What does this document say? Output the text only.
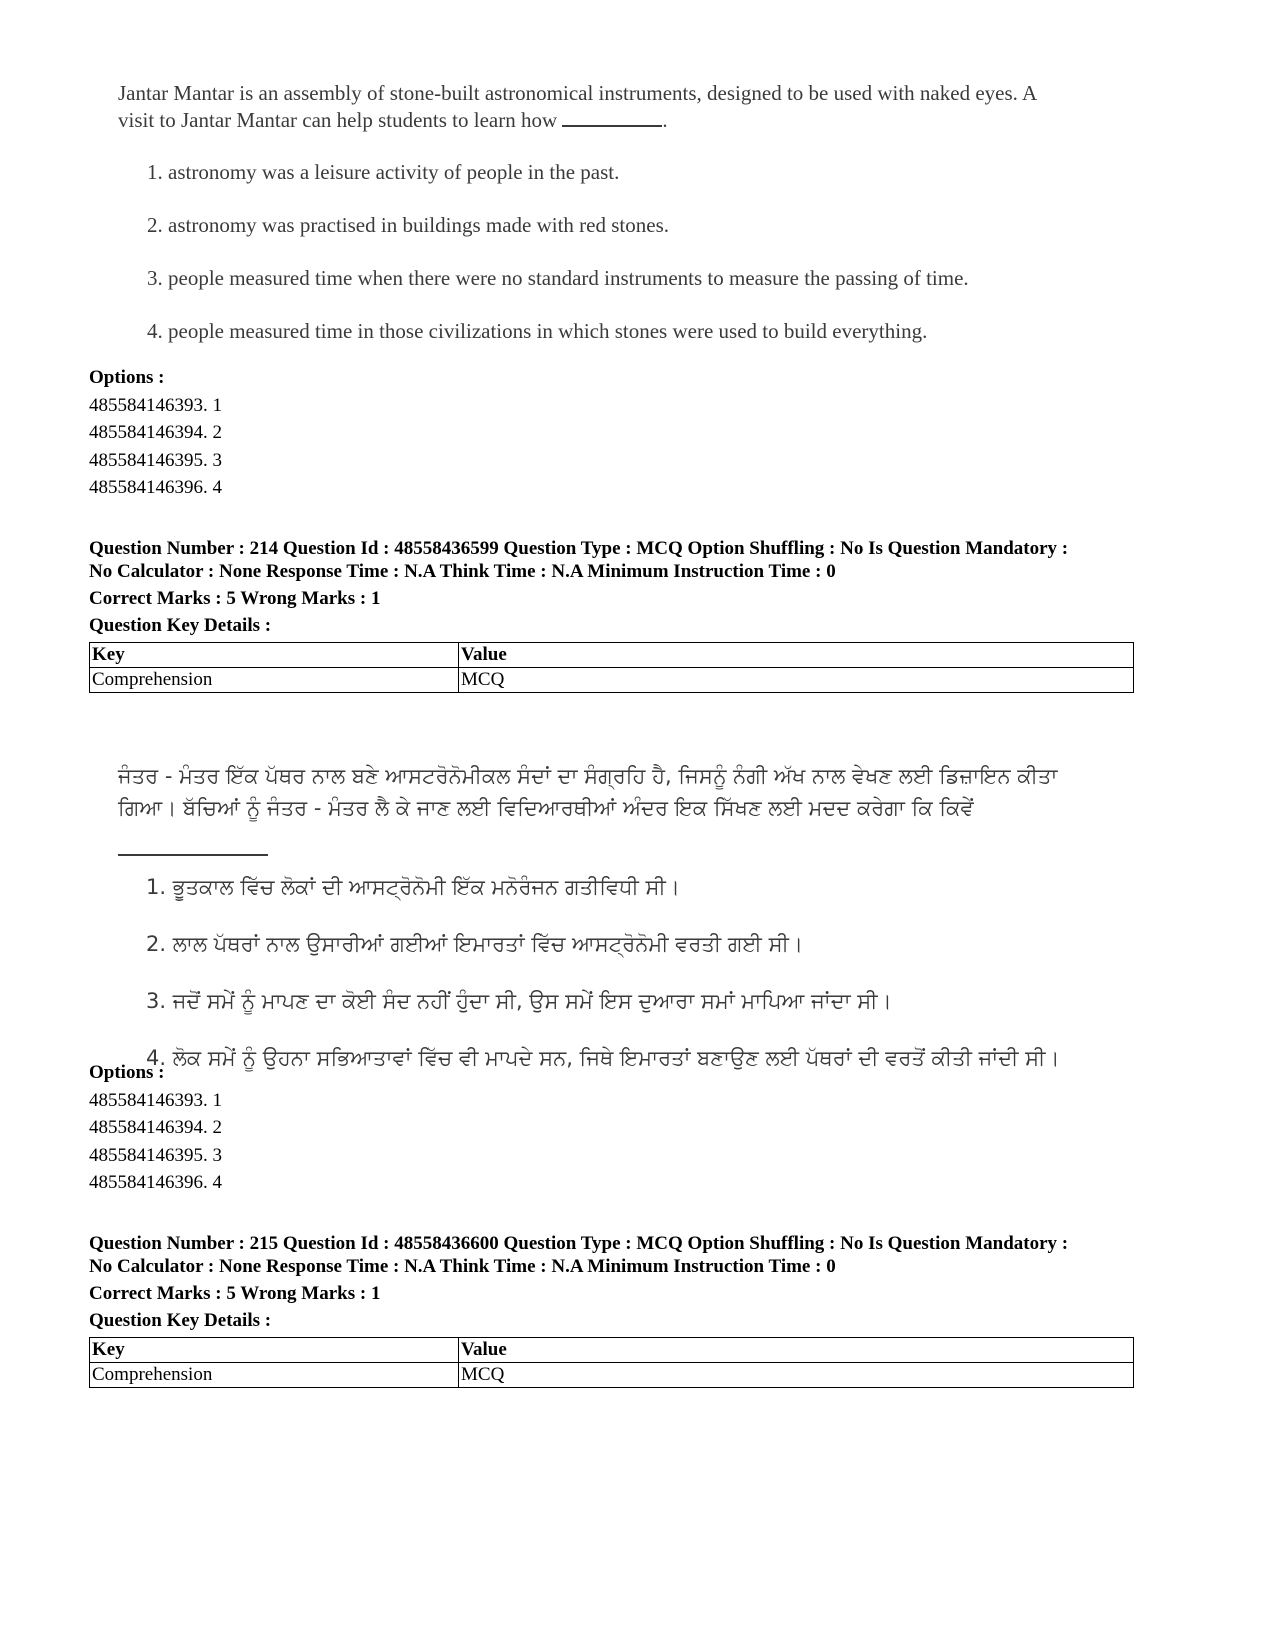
Jantar Mantar is an assembly of stone-built astronomical instruments, designed to be used with naked eyes. A
visit to Jantar Mantar can help students to learn how	.

1. astronomy was a leisure activity of people in the past.
2. astronomy was practised in buildings made with red stones.
3. people measured time when there were no standard instruments to measure the passing of time.
4. people measured time in those civilizations in which stones were used to build everything.
Options :
485584146393. 1
485584146394. 2
485584146395. 3
485584146396. 4
Question Number : 214 Question Id : 48558436599 Question Type : MCQ Option Shuffling : No Is Question Mandatory :
No Calculator : None Response Time : N.A Think Time : N.A Minimum Instruction Time : 0
Correct Marks : 5 Wrong Marks : 1
Question Key Details :
Key	Value
Comprehension	MCQ

ਜੰਤਰ - ਮੰਤਰ ਇੱਕ ਪੱਥਰ ਨਾਲ ਬਣੇ ਆਸਟਰੋਨੋਮੀਕਲ ਸੰਦਾਂ ਦਾ ਸੰਗ੍ਰਹਿ ਹੈ, ਜਿਸਨੂੰ ਨੰਗੀ ਅੱਖ ਨਾਲ ਵੇਖਣ ਲਈ ਡਿਜ਼ਾਇਨ ਕੀਤਾ
ਗਿਆ। ਬੱਚਿਆਂ ਨੂੰ ਜੰਤਰ - ਮੰਤਰ ਲੈ ਕੇ ਜਾਣ ਲਈ ਵਿਦਿਆਰਥੀਆਂ ਅੰਦਰ ਇਕ ਸਿੱਖਣ ਲਈ ਮਦਦ ਕਰੇਗਾ ਕਿ ਕਿਵੇਂ

1. ਭੂਤਕਾਲ ਵਿੱਚ ਲੋਕਾਂ ਦੀ ਆਸਟ੍ਰੋਨੋਮੀ ਇੱਕ ਮਨੋਰੰਜਨ ਗਤੀਵਿਧੀ ਸੀ।
2. ਲਾਲ ਪੱਥਰਾਂ ਨਾਲ ਉਸਾਰੀਆਂ ਗਈਆਂ ਇਮਾਰਤਾਂ ਵਿੱਚ ਆਸਟ੍ਰੋਨੋਮੀ ਵਰਤੀ ਗਈ ਸੀ।
3. ਜਦੋਂ ਸਮੇਂ ਨੂੰ ਮਾਪਣ ਦਾ ਕੋਈ ਸੰਦ ਨਹੀਂ ਹੁੰਦਾ ਸੀ, ਉਸ ਸਮੇਂ ਇਸ ਦੁਆਰਾ ਸਮਾਂ ਮਾਪਿਆ ਜਾਂਦਾ ਸੀ।
4. ਲੋਕ ਸਮੇਂ ਨੂੰ ਉਹਨਾ ਸਭਿਆਤਾਵਾਂ ਵਿੱਚ ਵੀ ਮਾਪਦੇ ਸਨ, ਜਿਥੇ ਇਮਾਰਤਾਂ ਬਣਾਉਣ ਲਈ ਪੱਥਰਾਂ ਦੀ ਵਰਤੋਂ ਕੀਤੀ ਜਾਂਦੀ ਸੀ।
Options :
485584146393. 1
485584146394. 2
485584146395. 3
485584146396. 4
Question Number : 215 Question Id : 48558436600 Question Type : MCQ Option Shuffling : No Is Question Mandatory :
No Calculator : None Response Time : N.A Think Time : N.A Minimum Instruction Time : 0
Correct Marks : 5 Wrong Marks : 1
Question Key Details :
Key	Value
Comprehension	MCQ
